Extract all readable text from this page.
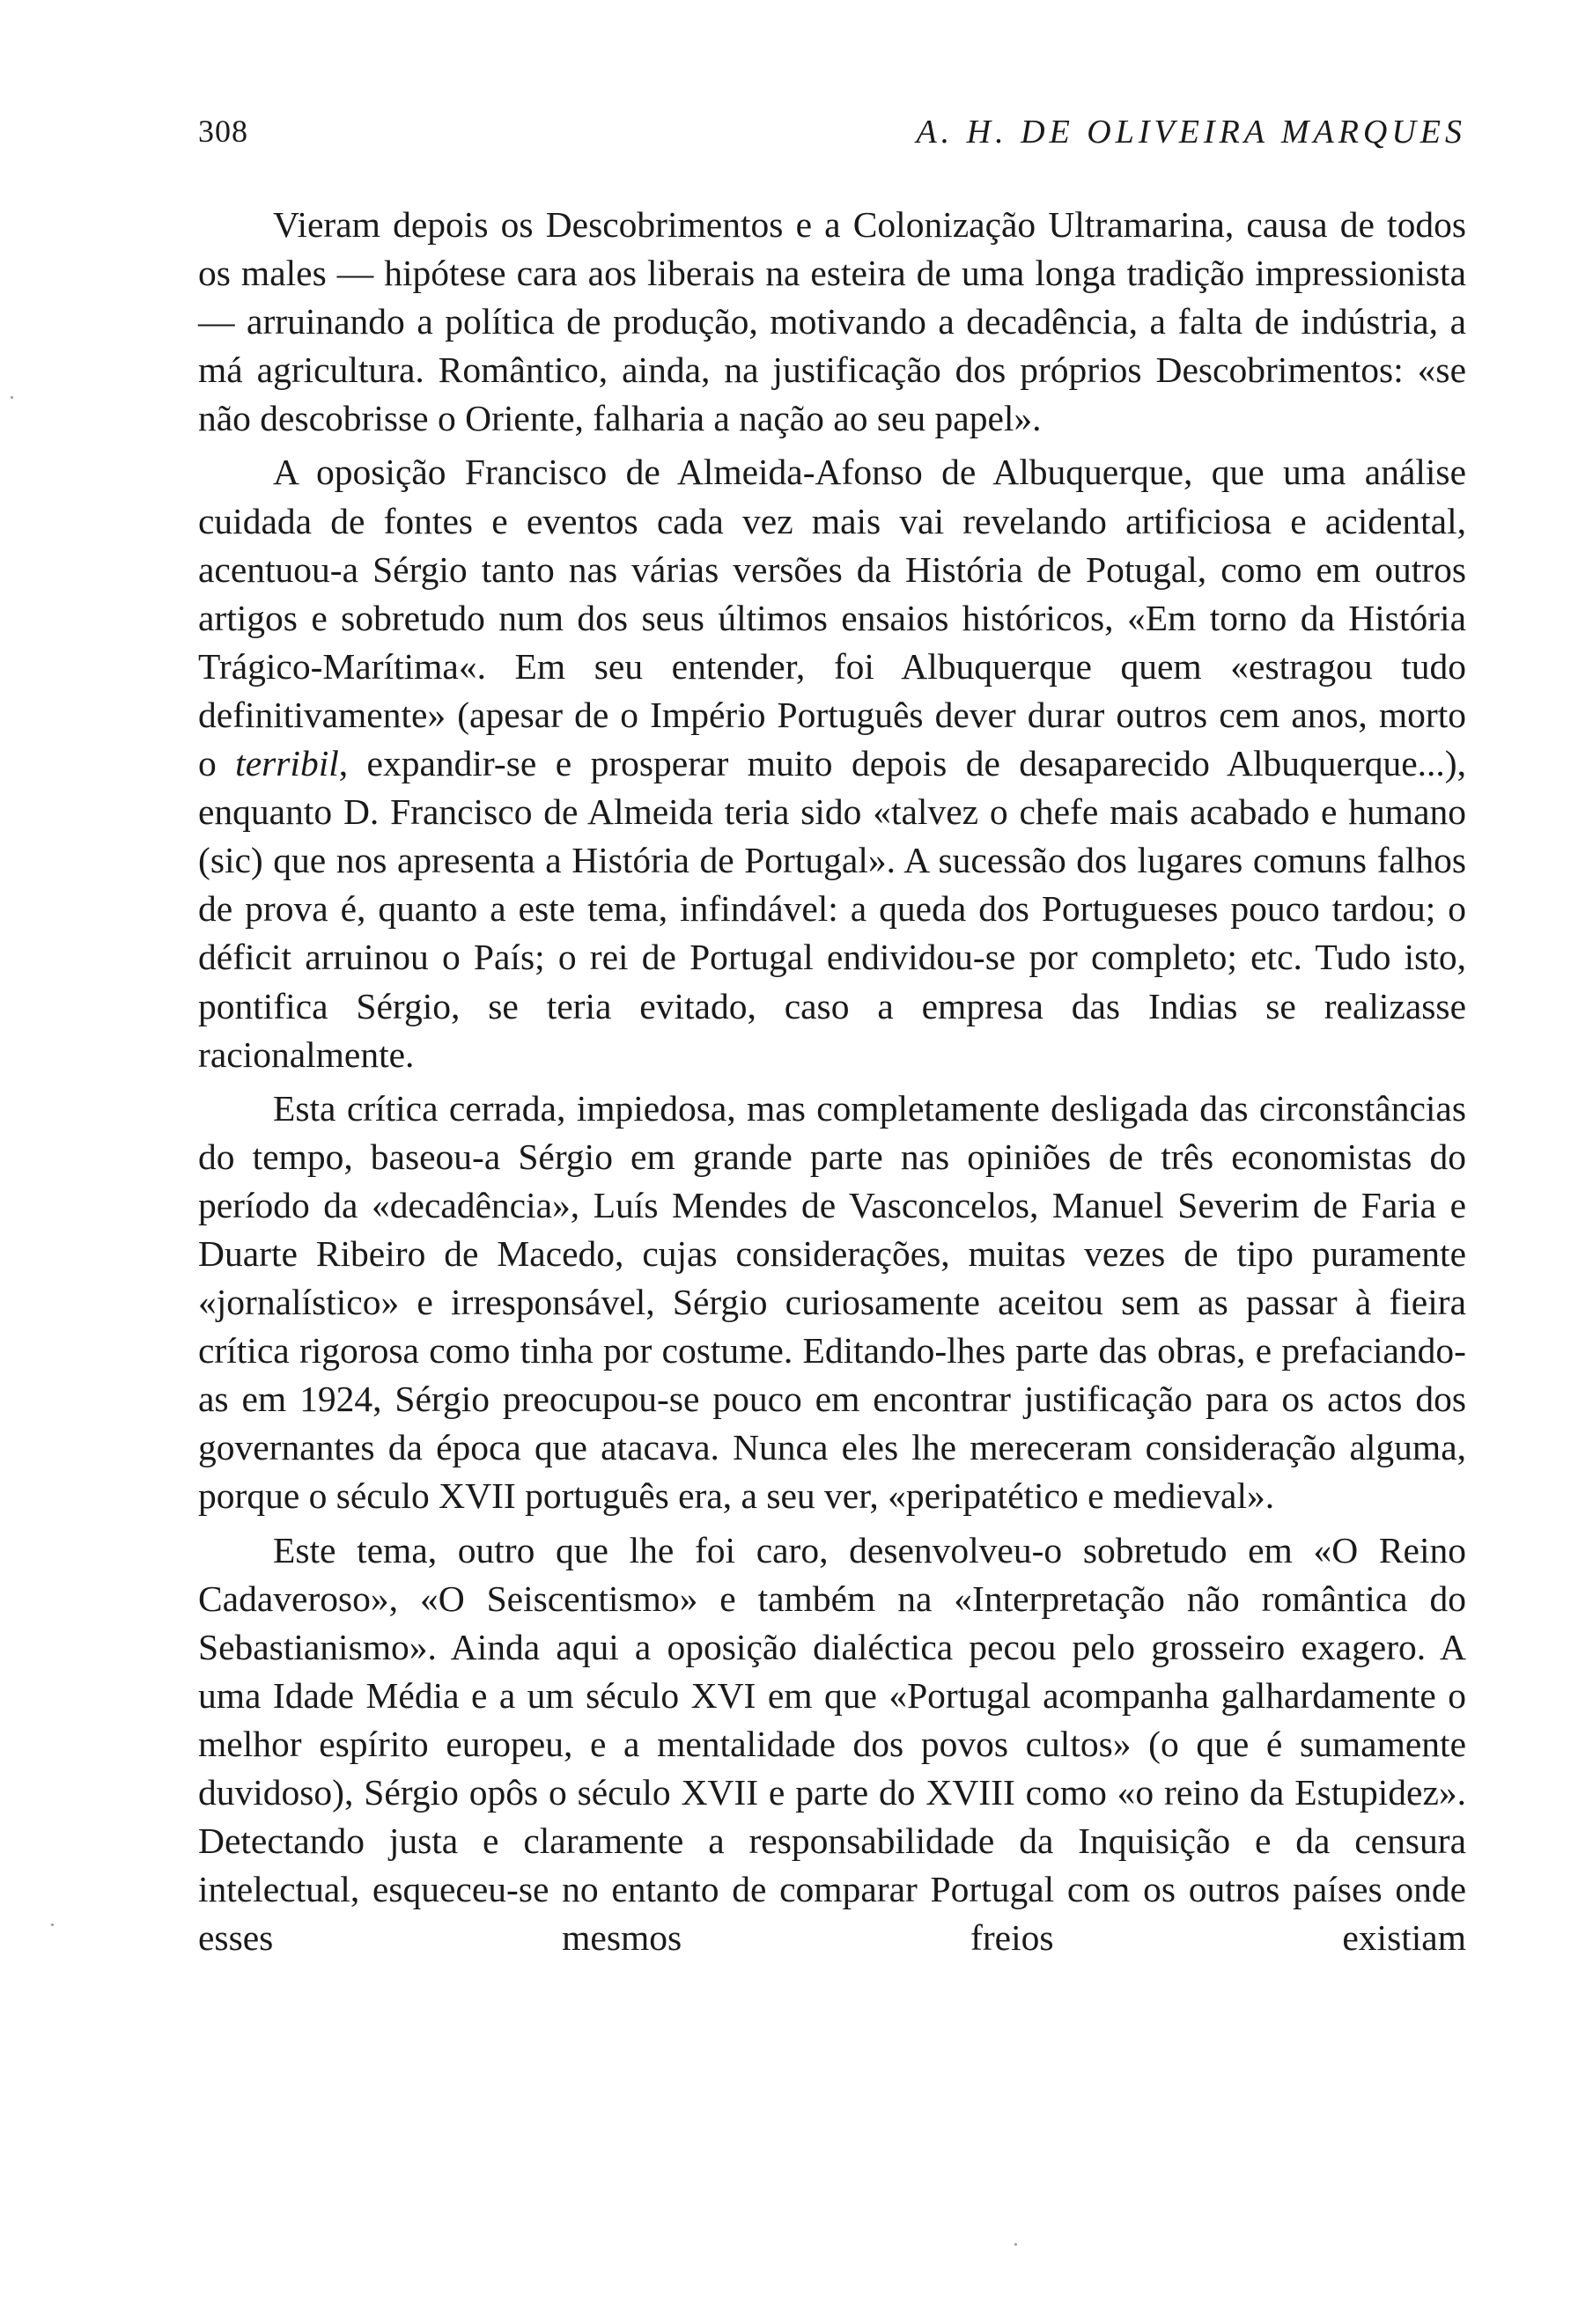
308	A. H. DE OLIVEIRA MARQUES

Vieram depois os Descobrimentos e a Colonização Ultramarina, causa de todos os males — hipótese cara aos liberais na esteira de uma longa tradição impressionista — arruinando a política de produção, motivando a decadência, a falta de indústria, a má agricultura. Romântico, ainda, na justificação dos próprios Descobrimentos: «se não descobrisse o Oriente, falharia a nação ao seu papel».

A oposição Francisco de Almeida-Afonso de Albuquerque, que uma análise cuidada de fontes e eventos cada vez mais vai revelando artificiosa e acidental, acentuou-a Sérgio tanto nas várias versões da História de Potugal, como em outros artigos e sobretudo num dos seus últimos ensaios históricos, «Em torno da História Trágico-Marítima«. Em seu entender, foi Albuquerque quem «estragou tudo definitivamente» (apesar de o Império Português dever durar outros cem anos, morto o terribil, expandir-se e prosperar muito depois de desaparecido Albuquerque...), enquanto D. Francisco de Almeida teria sido «talvez o chefe mais acabado e humano (sic) que nos apresenta a História de Portugal». A sucessão dos lugares comuns falhos de prova é, quanto a este tema, infindável: a queda dos Portugueses pouco tardou; o déficit arruinou o País; o rei de Portugal endividou-se por completo; etc. Tudo isto, pontifica Sérgio, se teria evitado, caso a empresa das Indias se realizasse racionalmente.

Esta crítica cerrada, impiedosa, mas completamente desligada das circonstâncias do tempo, baseou-a Sérgio em grande parte nas opiniões de três economistas do período da «decadência», Luís Mendes de Vasconcelos, Manuel Severim de Faria e Duarte Ribeiro de Macedo, cujas considerações, muitas vezes de tipo puramente «jornalístico» e irresponsável, Sérgio curiosamente aceitou sem as passar à fieira crítica rigorosa como tinha por costume. Editando-lhes parte das obras, e prefaciando-as em 1924, Sérgio preocupou-se pouco em encontrar justificação para os actos dos governantes da época que atacava. Nunca eles lhe mereceram consideração alguma, porque o século XVII português era, a seu ver, «peripatético e medieval».

Este tema, outro que lhe foi caro, desenvolveu-o sobretudo em «O Reino Cadaveroso», «O Seiscentismo» e também na «Interpretação não romântica do Sebastianismo». Ainda aqui a oposição dialéctica pecou pelo grosseiro exagero. A uma Idade Média e a um século XVI em que «Portugal acompanha galhardamente o melhor espírito europeu, e a mentalidade dos povos cultos» (o que é sumamente duvidoso), Sérgio opôs o século XVII e parte do XVIII como «o reino da Estupidez». Detectando justa e claramente a responsabilidade da Inquisição e da censura intelectual, esqueceu-se no entanto de comparar Portugal com os outros países onde esses mesmos freios existiam
